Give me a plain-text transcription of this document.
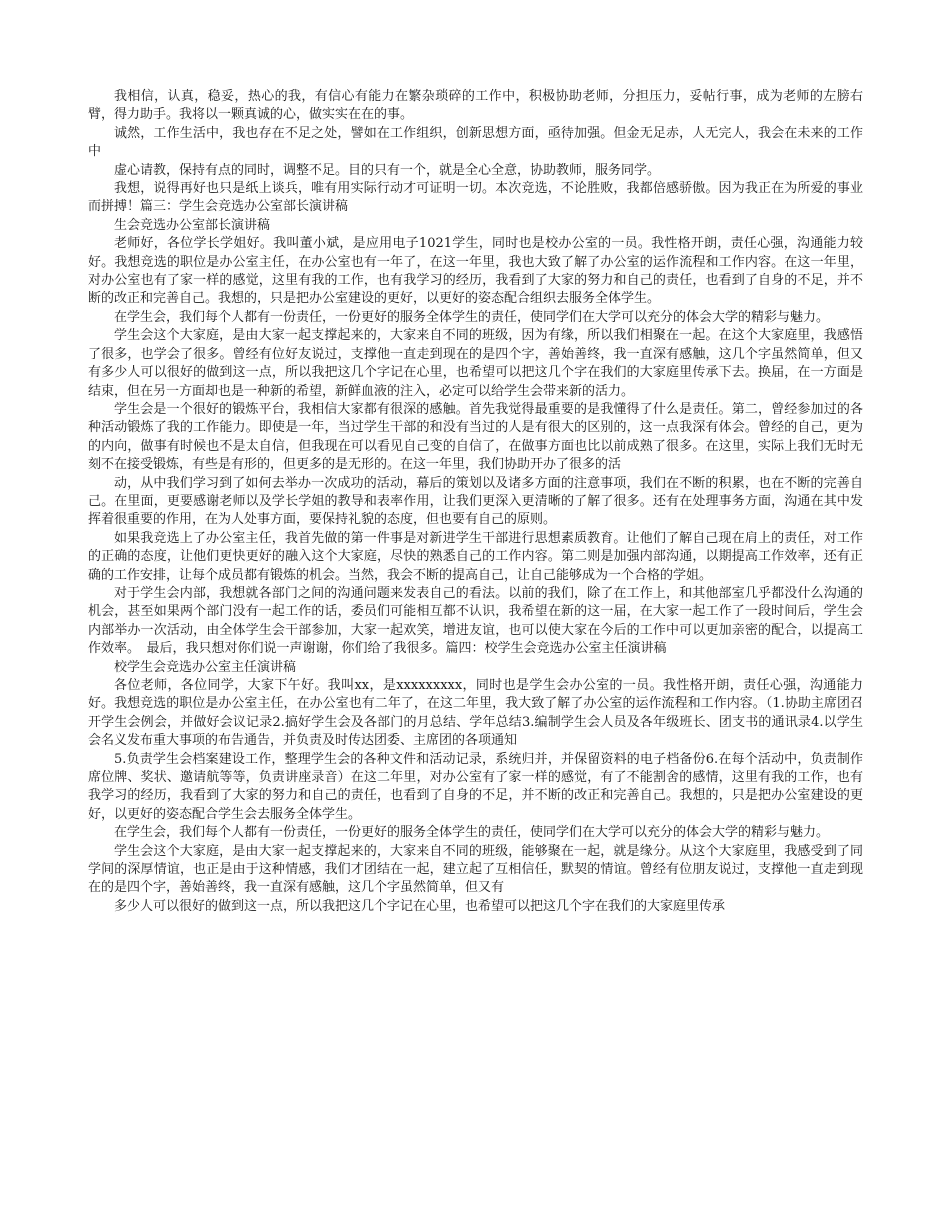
我相信，认真，稳妥，热心的我，有信心有能力在繁杂琐碎的工作中，积极协助老师，分担压力，妥帖行事，成为老师的左膀右臂，得力助手。我将以一颗真诚的心，做实实在在的事。

诚然，工作生活中，我也存在不足之处，譬如在工作组织，创新思想方面，亟待加强。但金无足赤，人无完人，我会在未来的工作中

虚心请教，保持有点的同时，调整不足。目的只有一个，就是全心全意，协助教师，服务同学。

我想，说得再好也只是纸上谈兵，唯有用实际行动才可证明一切。本次竞选，不论胜败，我都倍感骄傲。因为我正在为所爱的事业而拼搏！篇三：学生会竞选办公室部长演讲稿

生会竞选办公室部长演讲稿

老师好，各位学长学姐好。我叫董小斌，是应用电子1021学生，同时也是校办公室的一员。我性格开朗，责任心强，沟通能力较好。我想竞选的职位是办公室主任，在办公室也有一年了，在这一年里，我也大致了解了办公室的运作流程和工作内容。在这一年里，对办公室也有了家一样的感觉，这里有我的工作，也有我学习的经历，我看到了大家的努力和自己的责任，也看到了自身的不足，并不断的改正和完善自己。我想的，只是把办公室建设的更好，以更好的姿态配合组织去服务全体学生。

在学生会，我们每个人都有一份责任，一份更好的服务全体学生的责任，使同学们在大学可以充分的体会大学的精彩与魅力。

学生会这个大家庭，是由大家一起支撑起来的，大家来自不同的班级，因为有缘，所以我们相聚在一起。在这个大家庭里，我感悟了很多，也学会了很多。曾经有位好友说过，支撑他一直走到现在的是四个字，善始善终，我一直深有感触，这几个字虽然简单，但又有多少人可以很好的做到这一点，所以我把这几个字记在心里，也希望可以把这几个字在我们的大家庭里传承下去。换届，在一方面是结束，但在另一方面却也是一种新的希望，新鲜血液的注入，必定可以给学生会带来新的活力。

学生会是一个很好的锻炼平台，我相信大家都有很深的感触。首先我觉得最重要的是我懂得了什么是责任。第二，曾经参加过的各种活动锻炼了我的工作能力。即使是一年，当过学生干部的和没有当过的人是有很大的区别的，这一点我深有体会。曾经的自己，更为的内向，做事有时候也不是太自信，但我现在可以看见自己变的自信了，在做事方面也比以前成熟了很多。在这里，实际上我们无时无刻不在接受锻炼，有些是有形的，但更多的是无形的。在这一年里，我们协助开办了很多的活

动，从中我们学习到了如何去举办一次成功的活动，幕后的策划以及诸多方面的注意事项，我们在不断的积累，也在不断的完善自己。在里面，更要感谢老师以及学长学姐的教导和表率作用，让我们更深入更清晰的了解了很多。还有在处理事务方面，沟通在其中发挥着很重要的作用，在为人处事方面，要保持礼貌的态度，但也要有自己的原则。

如果我竞选上了办公室主任，我首先做的第一件事是对新进学生干部进行思想素质教育。让他们了解自己现在肩上的责任，对工作的正确的态度，让他们更快更好的融入这个大家庭，尽快的熟悉自己的工作内容。第二则是加强内部沟通，以期提高工作效率，还有正确的工作安排，让每个成员都有锻炼的机会。当然，我会不断的提高自己，让自己能够成为一个合格的学姐。

对于学生会内部，我想就各部门之间的沟通问题来发表自己的看法。以前的我们，除了在工作上，和其他部室几乎都没什么沟通的机会，甚至如果两个部门没有一起工作的话，委员们可能相互都不认识，我希望在新的这一届，在大家一起工作了一段时间后，学生会内部举办一次活动，由全体学生会干部参加，大家一起欢笑，增进友谊，也可以使大家在今后的工作中可以更加亲密的配合，以提高工作效率。　最后，我只想对你们说一声谢谢，你们给了我很多。篇四：校学生会竞选办公室主任演讲稿

校学生会竞选办公室主任演讲稿

各位老师，各位同学，大家下午好。我叫xx，是xxxxxxxxx，同时也是学生会办公室的一员。我性格开朗，责任心强，沟通能力好。我想竞选的职位是办公室主任，在办公室也有二年了，在这二年里，我大致了解了办公室的运作流程和工作内容。（1.协助主席团召开学生会例会，并做好会议记录2.搞好学生会及各部门的月总结、学年总结3.编制学生会人员及各年级班长、团支书的通讯录4.以学生会名义发布重大事项的布告通告，并负责及时传达团委、主席团的各项通知

5.负责学生会档案建设工作，整理学生会的各种文件和活动记录，系统归并，并保留资料的电子档备份6.在每个活动中，负责制作席位牌、奖状、邀请航等等，负责讲座录音）在这二年里，对办公室有了家一样的感觉，有了不能割舍的感情，这里有我的工作，也有我学习的经历，我看到了大家的努力和自己的责任，也看到了自身的不足，并不断的改正和完善自己。我想的，只是把办公室建设的更好，以更好的姿态配合学生会去服务全体学生。

在学生会，我们每个人都有一份责任，一份更好的服务全体学生的责任，使同学们在大学可以充分的体会大学的精彩与魅力。

学生会这个大家庭，是由大家一起支撑起来的，大家来自不同的班级，能够聚在一起，就是缘分。从这个大家庭里，我感受到了同学间的深厚情谊，也正是由于这种情感，我们才团结在一起，建立起了互相信任，默契的情谊。曾经有位朋友说过，支撑他一直走到现在的是四个字，善始善终，我一直深有感触，这几个字虽然简单，但又有

多少人可以很好的做到这一点，所以我把这几个字记在心里，也希望可以把这几个字在我们的大家庭里传承
